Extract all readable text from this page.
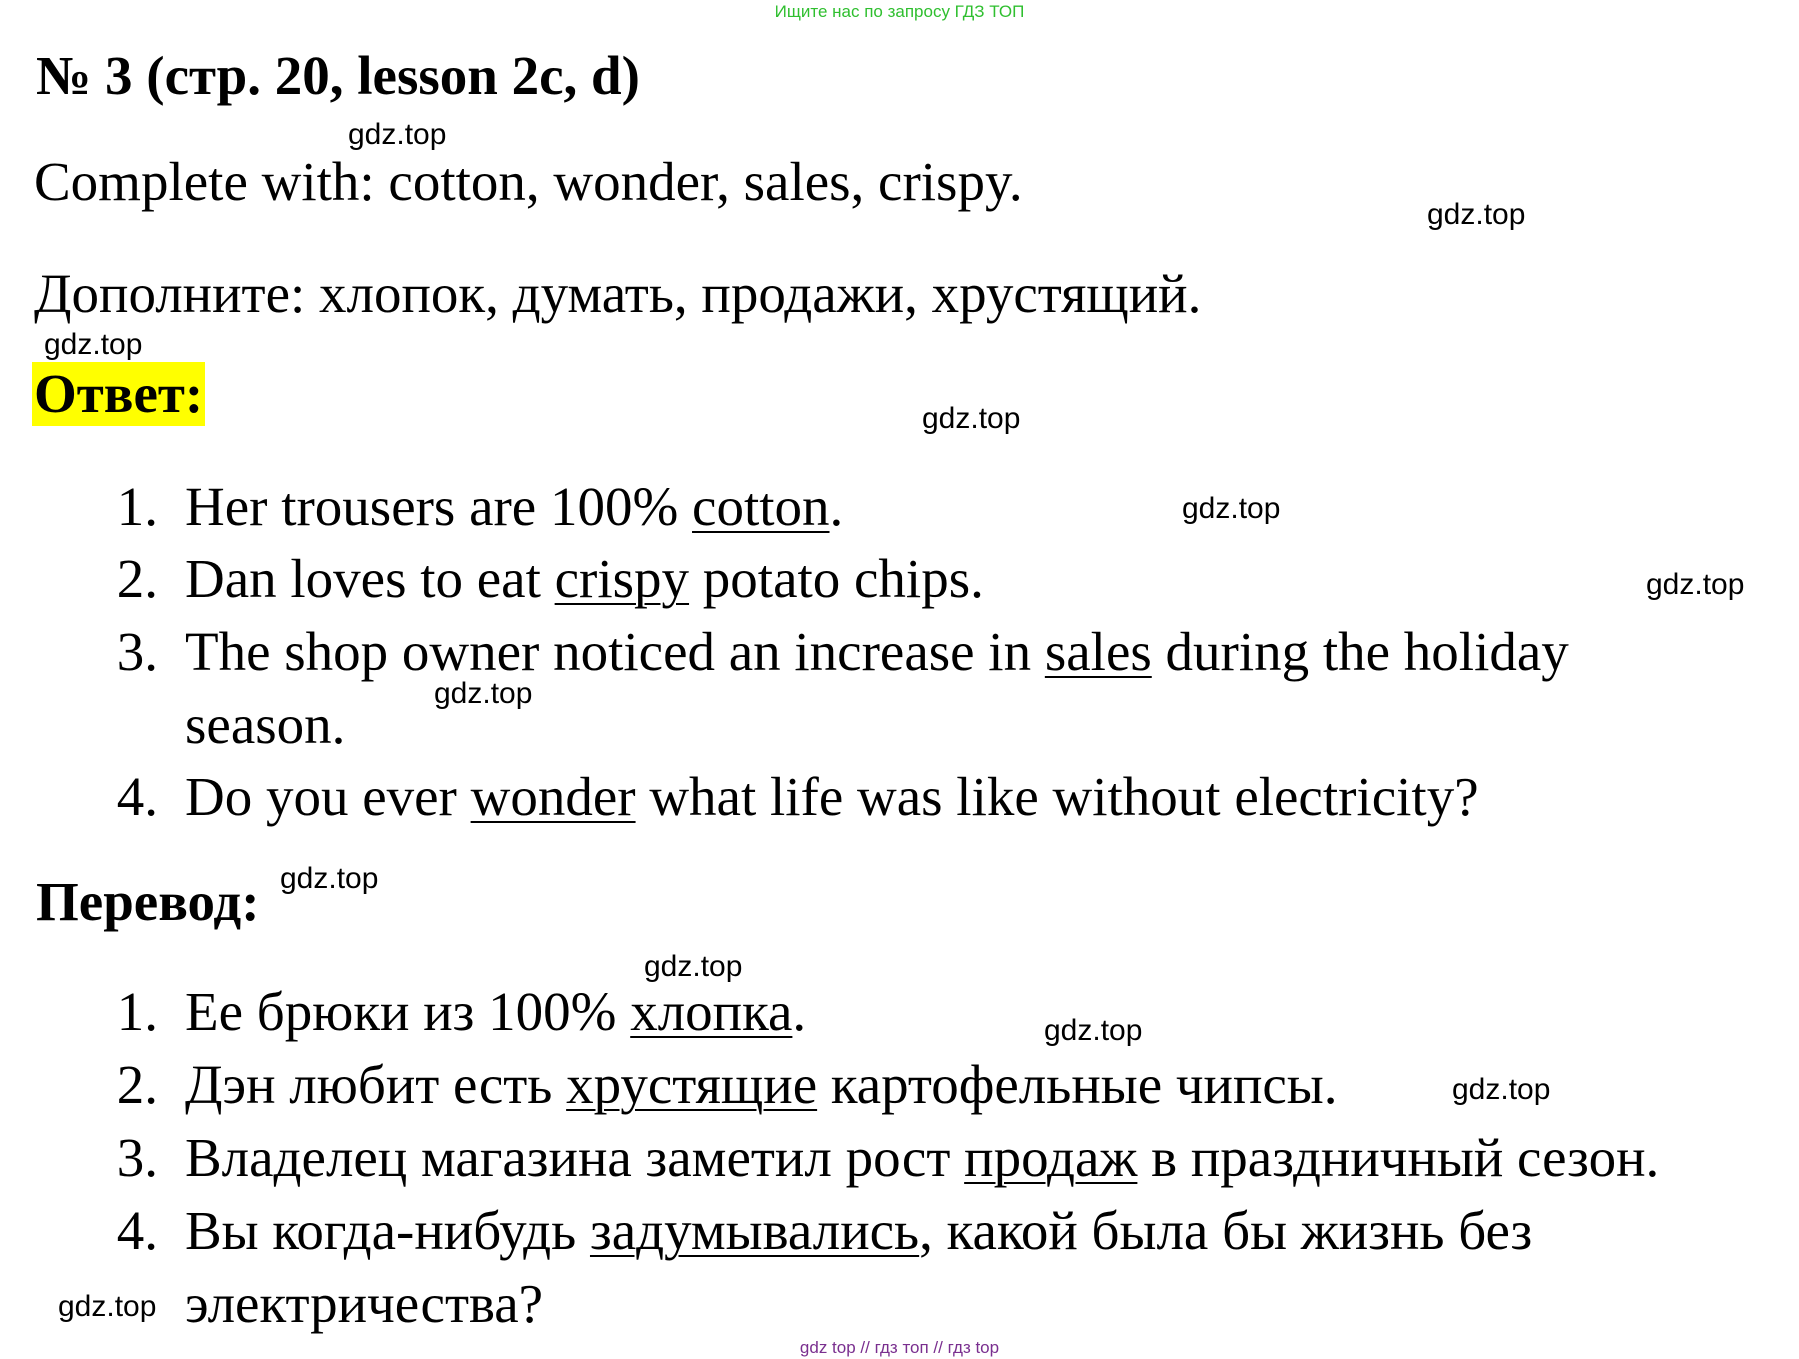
Ищите нас по запросу ГДЗ ТОП
№ 3 (стр. 20, lesson 2c, d)
Complete with: cotton, wonder, sales, crispy.
Дополните: хлопок, думать, продажи, хрустящий.
Ответ:
1. Her trousers are 100% cotton.
2. Dan loves to eat crispy potato chips.
3. The shop owner noticed an increase in sales during the holiday
season.
4. Do you ever wonder what life was like without electricity?
Перевод:
1. Ее брюки из 100% хлопка.
2. Дэн любит есть хрустящие картофельные чипсы.
3. Владелец магазина заметил рост продаж в праздничный сезон.
4. Вы когда-нибудь задумывались, какой была бы жизнь без
электричества?
gdz.top
gdz.top
gdz.top
gdz.top
gdz.top
gdz.top
gdz.top
gdz.top
gdz.top
gdz.top
gdz.top
gdz.top
gdz top // гдз топ // гдз top
